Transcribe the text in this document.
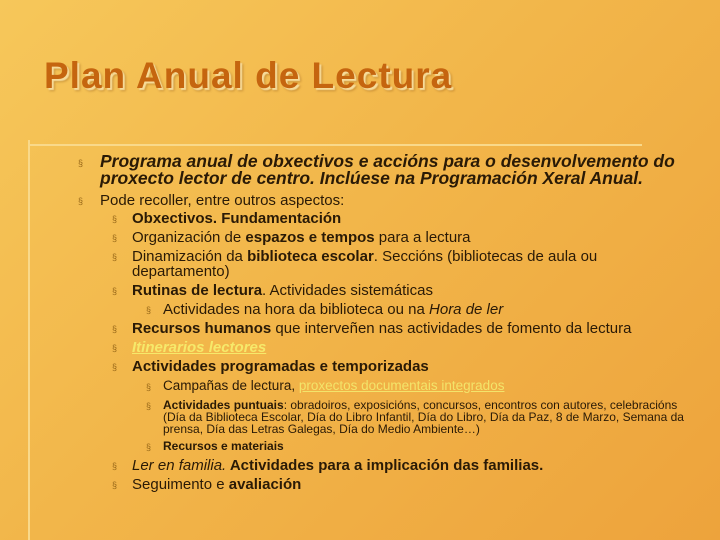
Plan Anual de Lectura
§ Programa anual de obxectivos e accións para o desenvolvemento do proxecto lector de centro. Inclúese na Programación Xeral Anual.
§ Pode recoller, entre outros aspectos:
§ Obxectivos. Fundamentación
§ Organización de espazos e tempos para a lectura
§ Dinamización da biblioteca escolar. Seccións (bibliotecas de aula ou departamento)
§ Rutinas de lectura. Actividades sistemáticas
§ Actividades na hora da biblioteca ou na Hora de ler
§ Recursos humanos que interveñen nas actividades de fomento da lectura
§ Itinerarios lectores
§ Actividades programadas e temporizadas
§ Campañas de lectura, proxectos documentais integrados
§ Actividades puntuais: obradoiros, exposicións, concursos, encontros con autores, celebracións (Día da Biblioteca Escolar, Día do Libro Infantil, Día do Libro, Día da Paz, 8 de Marzo, Semana da prensa, Día das Letras Galegas, Día do Medio Ambiente…)
§ Recursos e materiais
§ Ler en familia. Actividades para a implicación das familias.
§ Seguimento e avaliación
